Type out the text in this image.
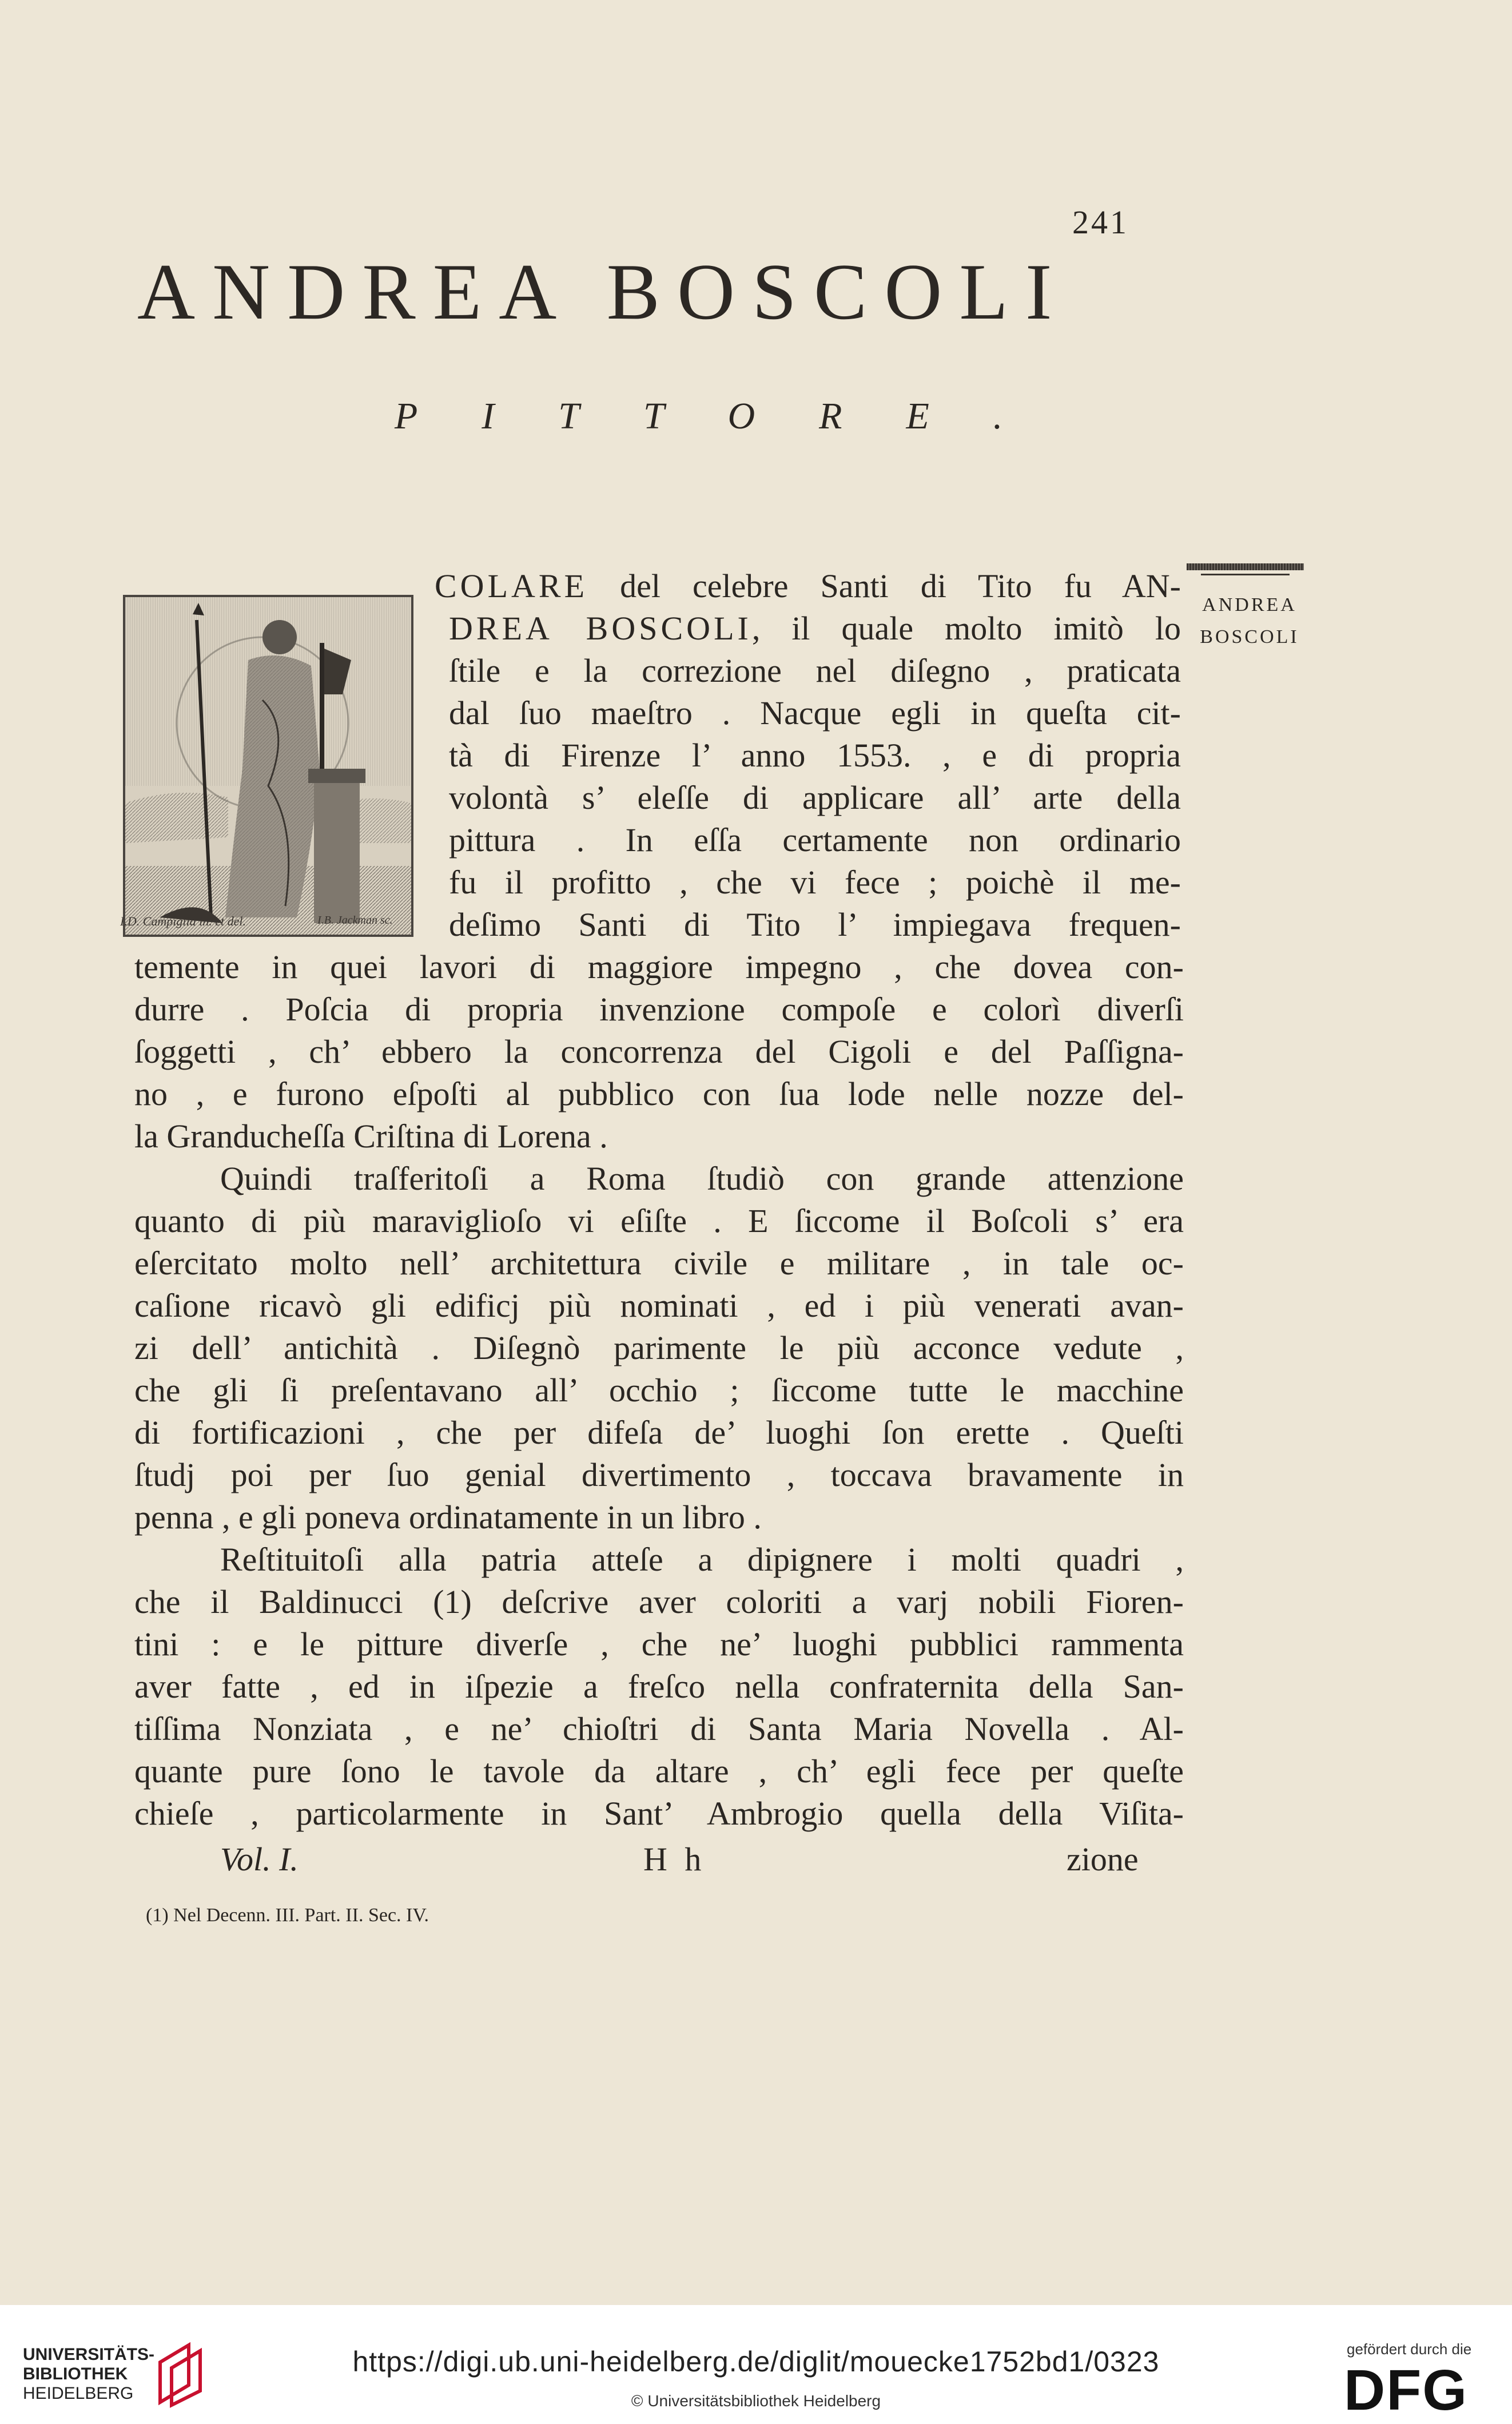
241
ANDREA BOSCOLI
PITTORE.
I.D. Campiglia in. et del.	I.B. Jackman sc.
ANDREA
BOSCOLI
COLARE del celebre Santi di Tito fu AN-
DREA BOSCOLI, il quale molto imitò lo
ſtile e la correzione nel diſegno , praticata
dal ſuo maeſtro . Nacque egli in queſta cit-
tà di Firenze l’ anno 1553. , e di propria
volontà s’ eleſſe di applicare all’ arte della
pittura . In eſſa certamente non ordinario
fu il profitto , che vi fece ; poichè il me-
deſimo Santi di Tito l’ impiegava frequen-
temente in quei lavori di maggiore impegno , che dovea con-
durre . Poſcia di propria invenzione compoſe e colorì diverſi
ſoggetti , ch’ ebbero la concorrenza del Cigoli e del Paſſigna-
no , e furono eſpoſti al pubblico con ſua lode nelle nozze del-
la Granducheſſa Criſtina di Lorena .
Quindi traſferitoſi a Roma ſtudiò con grande attenzione
quanto di più maraviglioſo vi eſiſte . E ſiccome il Boſcoli s’ era
eſercitato molto nell’ architettura civile e militare , in tale oc-
caſione ricavò gli edificj più nominati , ed i più venerati avan-
zi dell’ antichità . Diſegnò parimente le più acconce vedute ,
che gli ſi preſentavano all’ occhio ; ſiccome tutte le macchine
di fortificazioni , che per difeſa de’ luoghi ſon erette . Queſti
ſtudj poi per ſuo genial divertimento , toccava bravamente in
penna , e gli poneva ordinatamente in un libro .
Reſtituitoſi alla patria atteſe a dipignere i molti quadri ,
che il Baldinucci (1) deſcrive aver coloriti a varj nobili Fioren-
tini : e le pitture diverſe , che ne’ luoghi pubblici rammenta
aver fatte , ed in iſpezie a freſco nella confraternita della San-
tiſſima Nonziata , e ne’ chioſtri di Santa Maria Novella . Al-
quante pure ſono le tavole da altare , ch’ egli fece per queſte
chieſe , particolarmente in Sant’ Ambrogio quella della Viſita-
Vol. I.	H h	zione
(1) Nel Decenn. III. Part. II. Sec. IV.
UNIVERSITÄTS-
BIBLIOTHEK
HEIDELBERG
https://digi.ub.uni-heidelberg.de/diglit/mouecke1752bd1/0323
© Universitätsbibliothek Heidelberg
gefördert durch die
DFG
